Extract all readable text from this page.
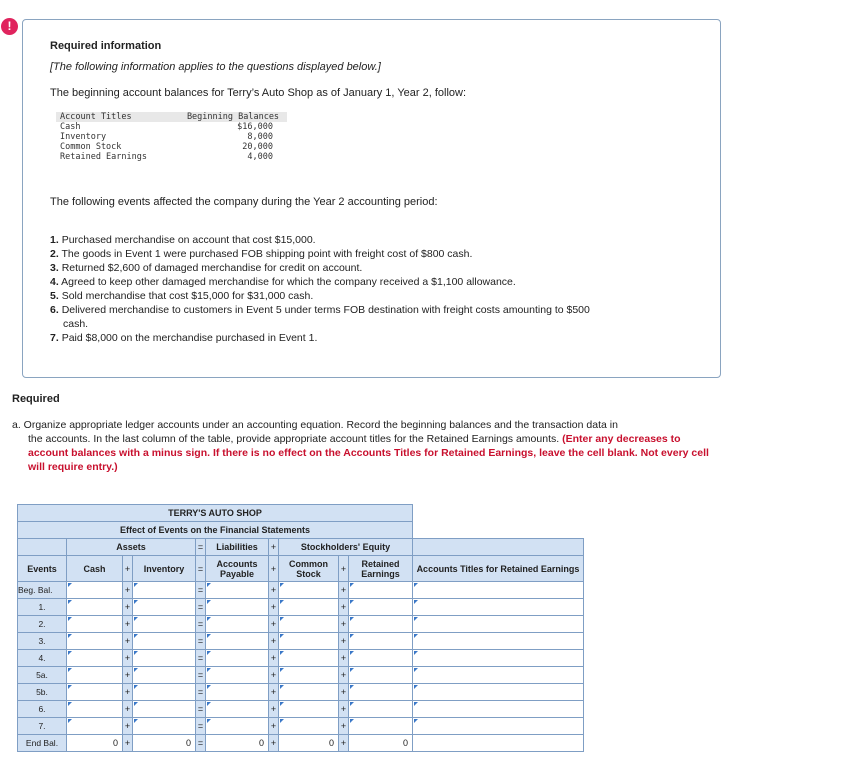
!
Required information
[The following information applies to the questions displayed below.]
The beginning account balances for Terry’s Auto Shop as of January 1, Year 2, follow:
Account Titles	Beginning Balances
Cash	$16,000
Inventory	8,000
Common Stock	20,000
Retained Earnings	4,000
The following events affected the company during the Year 2 accounting period:
1. Purchased merchandise on account that cost $15,000.
2. The goods in Event 1 were purchased FOB shipping point with freight cost of $800 cash.
3. Returned $2,600 of damaged merchandise for credit on account.
4. Agreed to keep other damaged merchandise for which the company received a $1,100 allowance.
5. Sold merchandise that cost $15,000 for $31,000 cash.
6. Delivered merchandise to customers in Event 5 under terms FOB destination with freight costs amounting to $500
cash.
7. Paid $8,000 on the merchandise purchased in Event 1.
Required
a. Organize appropriate ledger accounts under an accounting equation. Record the beginning balances and the transaction data in
the accounts. In the last column of the table, provide appropriate account titles for the Retained Earnings amounts. (Enter any decreases to account balances with a minus sign. If there is no effect on the Accounts Titles for Retained Earnings, leave the cell blank. Not every cell will require entry.)
TERRY'S AUTO SHOP										
Effect of Events on the Financial Statements										
	Assets			=	Liabilities	+	Stockholders' Equity			
Events	Cash	+	Inventory	=	Accounts Payable	+	Common Stock	+	Retained Earnings	Accounts Titles for Retained Earnings
Beg. Bal.		+		=		+		+		
1.		+		=		+		+		
2.		+		=		+		+		
3.		+		=		+		+		
4.		+		=		+		+		
5a.		+		=		+		+		
5b.		+		=		+		+		
6.		+		=		+		+		
7.		+		=		+		+		
End Bal.	0	+	0	=	0	+	0	+	0	
